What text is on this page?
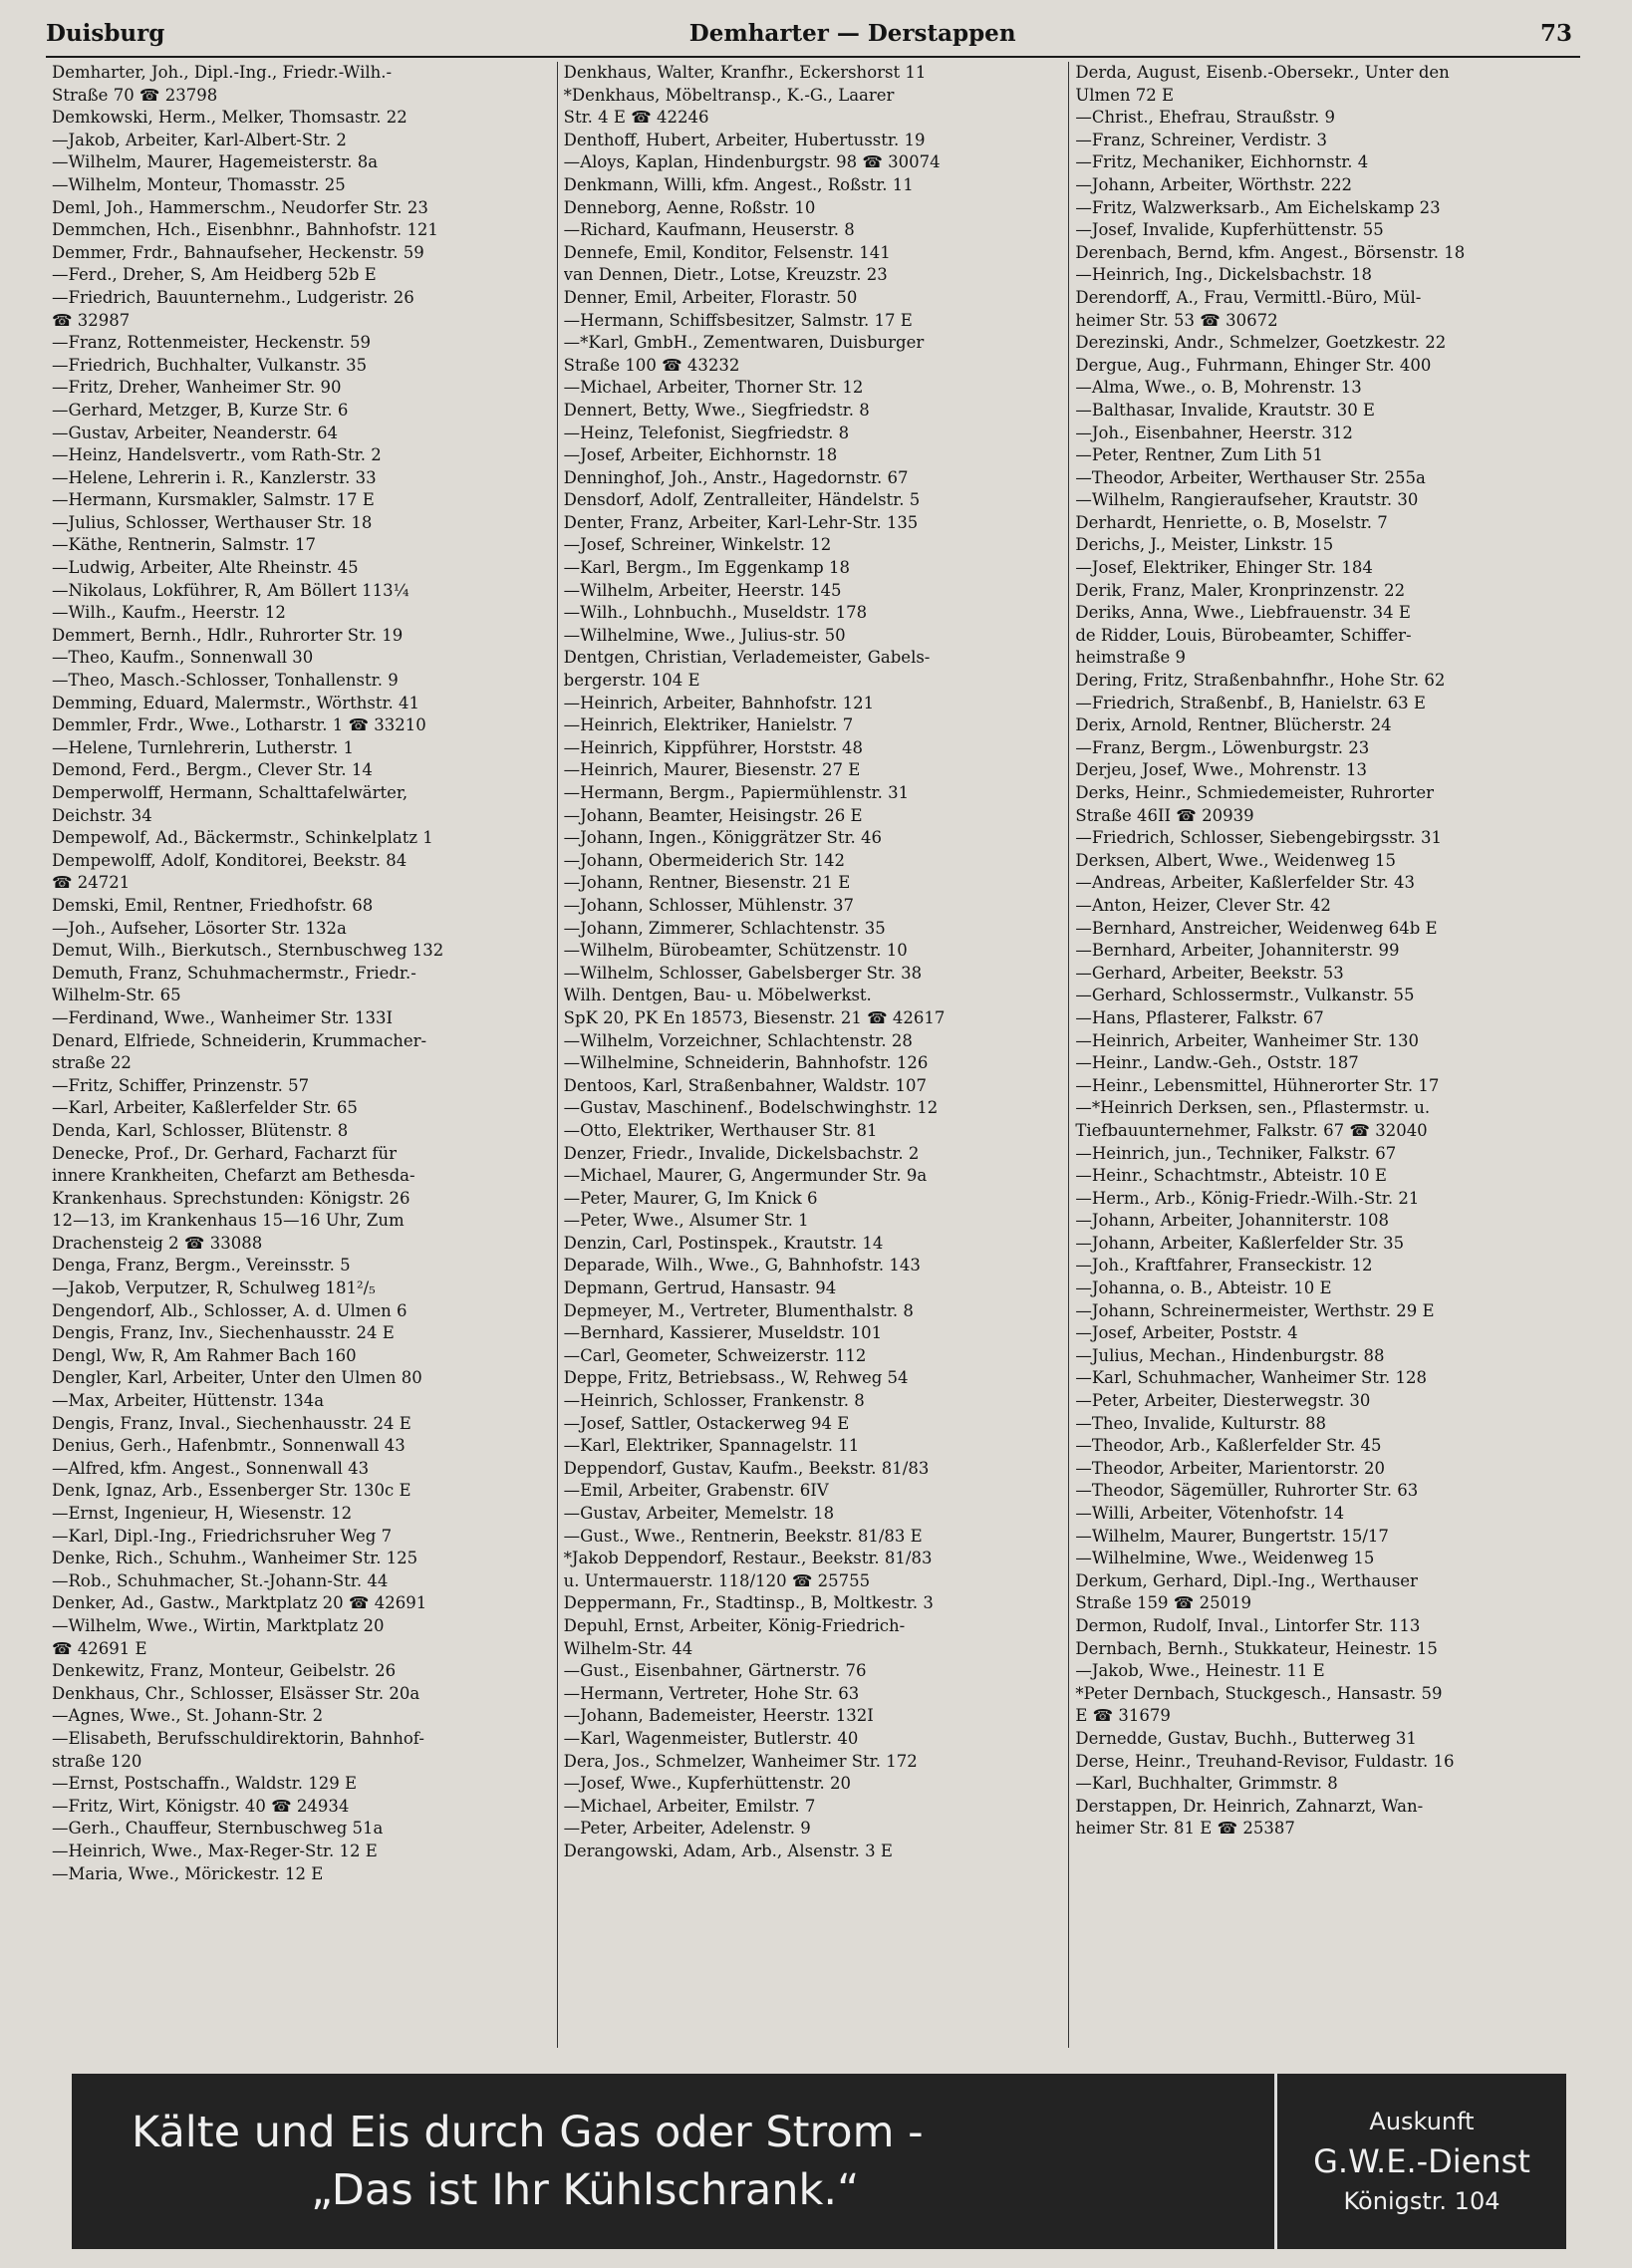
Duisburg	Demharter — Derstappen	73
Demharter, Joh., Dipl.-Ing., Friedr.-Wilh.-
Straße 70 ☎ 23798
Demkowski, Herm., Melker, Thomsastr. 22
—Jakob, Arbeiter, Karl-Albert-Str. 2
—Wilhelm, Maurer, Hagemeisterstr. 8a
—Wilhelm, Monteur, Thomasstr. 25
Deml, Joh., Hammerschm., Neudorfer Str. 23
Demmchen, Hch., Eisenbhnr., Bahnhofstr. 121
Demmer, Frdr., Bahnaufseher, Heckenstr. 59
—Ferd., Dreher, S, Am Heidberg 52b E
—Friedrich, Bauunternehm., Ludgeristr. 26
☎ 32987
—Franz, Rottenmeister, Heckenstr. 59
—Friedrich, Buchhalter, Vulkanstr. 35
—Fritz, Dreher, Wanheimer Str. 90
—Gerhard, Metzger, B, Kurze Str. 6
—Gustav, Arbeiter, Neanderstr. 64
—Heinz, Handelsvertr., vom Rath-Str. 2
—Helene, Lehrerin i. R., Kanzlerstr. 33
—Hermann, Kursmakler, Salmstr. 17 E
—Julius, Schlosser, Werthauser Str. 18
—Käthe, Rentnerin, Salmstr. 17
—Ludwig, Arbeiter, Alte Rheinstr. 45
—Nikolaus, Lokführer, R, Am Böllert 113¼
—Wilh., Kaufm., Heerstr. 12
Demmert, Bernh., Hdlr., Ruhrorter Str. 19
—Theo, Kaufm., Sonnenwall 30
—Theo, Masch.-Schlosser, Tonhallenstr. 9
Demming, Eduard, Malermstr., Wörthstr. 41
Demmler, Frdr., Wwe., Lotharstr. 1 ☎ 33210
—Helene, Turnlehrerin, Lutherstr. 1
Demond, Ferd., Bergm., Clever Str. 14
Demperwolff, Hermann, Schalttafelwärter,
Deichstr. 34
Dempewolf, Ad., Bäckermstr., Schinkelplatz 1
Dempewolff, Adolf, Konditorei, Beekstr. 84
☎ 24721
Demski, Emil, Rentner, Friedhofstr. 68
—Joh., Aufseher, Lösorter Str. 132a
Demut, Wilh., Bierkutsch., Sternbuschweg 132
Demuth, Franz, Schuhmachermstr., Friedr.-
Wilhelm-Str. 65
—Ferdinand, Wwe., Wanheimer Str. 133I
Denard, Elfriede, Schneiderin, Krummacher-
straße 22
—Fritz, Schiffer, Prinzenstr. 57
—Karl, Arbeiter, Kaßlerfelder Str. 65
Denda, Karl, Schlosser, Blütenstr. 8
Denecke, Prof., Dr. Gerhard, Facharzt für
innere Krankheiten, Chefarzt am Bethesda-
Krankenhaus. Sprechstunden: Königstr. 26
12—13, im Krankenhaus 15—16 Uhr, Zum
Drachensteig 2 ☎ 33088
Denga, Franz, Bergm., Vereinsstr. 5
—Jakob, Verputzer, R, Schulweg 181²/₅
Dengendorf, Alb., Schlosser, A. d. Ulmen 6
Dengis, Franz, Inv., Siechenhausstr. 24 E
Dengl, Ww, R, Am Rahmer Bach 160
Dengler, Karl, Arbeiter, Unter den Ulmen 80
—Max, Arbeiter, Hüttenstr. 134a
Dengis, Franz, Inval., Siechenhausstr. 24 E
Denius, Gerh., Hafenbmtr., Sonnenwall 43
—Alfred, kfm. Angest., Sonnenwall 43
Denk, Ignaz, Arb., Essenberger Str. 130c E
—Ernst, Ingenieur, H, Wiesenstr. 12
—Karl, Dipl.-Ing., Friedrichsruher Weg 7
Denke, Rich., Schuhm., Wanheimer Str. 125
—Rob., Schuhmacher, St.-Johann-Str. 44
Denker, Ad., Gastw., Marktplatz 20 ☎ 42691
—Wilhelm, Wwe., Wirtin, Marktplatz 20
☎ 42691 E
Denkewitz, Franz, Monteur, Geibelstr. 26
Denkhaus, Chr., Schlosser, Elsässer Str. 20a
—Agnes, Wwe., St. Johann-Str. 2
—Elisabeth, Berufsschuldirektorin, Bahnhof-
straße 120
—Ernst, Postschaffn., Waldstr. 129 E
—Fritz, Wirt, Königstr. 40 ☎ 24934
—Gerh., Chauffeur, Sternbuschweg 51a
—Heinrich, Wwe., Max-Reger-Str. 12 E
—Maria, Wwe., Mörickestr. 12 E
Denkhaus, Walter, Kranfhr., Eckershorst 11
*Denkhaus, Möbeltransp., K.-G., Laarer
Str. 4 E ☎ 42246
Denthoff, Hubert, Arbeiter, Hubertusstr. 19
—Aloys, Kaplan, Hindenburgstr. 98 ☎ 30074
Denkmann, Willi, kfm. Angest., Roßstr. 11
Denneborg, Aenne, Roßstr. 10
—Richard, Kaufmann, Heuserstr. 8
Dennefe, Emil, Konditor, Felsenstr. 141
van Dennen, Dietr., Lotse, Kreuzstr. 23
Denner, Emil, Arbeiter, Florastr. 50
—Hermann, Schiffsbesitzer, Salmstr. 17 E
—*Karl, GmbH., Zementwaren, Duisburger
Straße 100 ☎ 43232
—Michael, Arbeiter, Thorner Str. 12
Dennert, Betty, Wwe., Siegfriedstr. 8
—Heinz, Telefonist, Siegfriedstr. 8
—Josef, Arbeiter, Eichhornstr. 18
Denninghof, Joh., Anstr., Hagedornstr. 67
Densdorf, Adolf, Zentralleiter, Händelstr. 5
Denter, Franz, Arbeiter, Karl-Lehr-Str. 135
—Josef, Schreiner, Winkelstr. 12
—Karl, Bergm., Im Eggenkamp 18
—Wilhelm, Arbeiter, Heerstr. 145
—Wilh., Lohnbuchh., Museldstr. 178
—Wilhelmine, Wwe., Julius-str. 50
Dentgen, Christian, Verlademeister, Gabels-
bergerstr. 104 E
—Heinrich, Arbeiter, Bahnhofstr. 121
—Heinrich, Elektriker, Hanielstr. 7
—Heinrich, Kippführer, Horststr. 48
—Heinrich, Maurer, Biesenstr. 27 E
—Hermann, Bergm., Papiermühlenstr. 31
—Johann, Beamter, Heisingstr. 26 E
—Johann, Ingen., Königgrätzer Str. 46
—Johann, Obermeiderich Str. 142
—Johann, Rentner, Biesenstr. 21 E
—Johann, Schlosser, Mühlenstr. 37
—Johann, Zimmerer, Schlachtenstr. 35
—Wilhelm, Bürobeamter, Schützenstr. 10
—Wilhelm, Schlosser, Gabelsberger Str. 38
Wilh. Dentgen, Bau- u. Möbelwerkst.
SpK 20, PK En 18573, Biesenstr. 21 ☎ 42617
—Wilhelm, Vorzeichner, Schlachtenstr. 28
—Wilhelmine, Schneiderin, Bahnhofstr. 126
Dentoos, Karl, Straßenbahner, Waldstr. 107
—Gustav, Maschinenf., Bodelschwinghstr. 12
—Otto, Elektriker, Werthauser Str. 81
Denzer, Friedr., Invalide, Dickelsbachstr. 2
—Michael, Maurer, G, Angermunder Str. 9a
—Peter, Maurer, G, Im Knick 6
—Peter, Wwe., Alsumer Str. 1
Denzin, Carl, Postinspek., Krautstr. 14
Deparade, Wilh., Wwe., G, Bahnhofstr. 143
Depmann, Gertrud, Hansastr. 94
Depmeyer, M., Vertreter, Blumenthalstr. 8
—Bernhard, Kassierer, Museldstr. 101
—Carl, Geometer, Schweizerstr. 112
Deppe, Fritz, Betriebsass., W, Rehweg 54
—Heinrich, Schlosser, Frankenstr. 8
—Josef, Sattler, Ostackerweg 94 E
—Karl, Elektriker, Spannagelstr. 11
Deppendorf, Gustav, Kaufm., Beekstr. 81/83
—Emil, Arbeiter, Grabenstr. 6IV
—Gustav, Arbeiter, Memelstr. 18
—Gust., Wwe., Rentnerin, Beekstr. 81/83 E
*Jakob Deppendorf, Restaur., Beekstr. 81/83
u. Untermauerstr. 118/120 ☎ 25755
Deppermann, Fr., Stadtinsp., B, Moltkestr. 3
Depuhl, Ernst, Arbeiter, König-Friedrich-
Wilhelm-Str. 44
—Gust., Eisenbahner, Gärtnerstr. 76
—Hermann, Vertreter, Hohe Str. 63
—Johann, Bademeister, Heerstr. 132I
—Karl, Wagenmeister, Butlerstr. 40
Dera, Jos., Schmelzer, Wanheimer Str. 172
—Josef, Wwe., Kupferhüttenstr. 20
—Michael, Arbeiter, Emilstr. 7
—Peter, Arbeiter, Adelenstr. 9
Derangowski, Adam, Arb., Alsenstr. 3 E
Derda, August, Eisenb.-Obersekr., Unter den
Ulmen 72 E
—Christ., Ehefrau, Straußstr. 9
—Franz, Schreiner, Verdistr. 3
—Fritz, Mechaniker, Eichhornstr. 4
—Johann, Arbeiter, Wörthstr. 222
—Fritz, Walzwerksarb., Am Eichelskamp 23
—Josef, Invalide, Kupferhüttenstr. 55
Derenbach, Bernd, kfm. Angest., Börsenstr. 18
—Heinrich, Ing., Dickelsbachstr. 18
Derendorff, A., Frau, Vermittl.-Büro, Mül-
heimer Str. 53 ☎ 30672
Derezinski, Andr., Schmelzer, Goetzkestr. 22
Dergue, Aug., Fuhrmann, Ehinger Str. 400
—Alma, Wwe., o. B, Mohrenstr. 13
—Balthasar, Invalide, Krautstr. 30 E
—Joh., Eisenbahner, Heerstr. 312
—Peter, Rentner, Zum Lith 51
—Theodor, Arbeiter, Werthauser Str. 255a
—Wilhelm, Rangieraufseher, Krautstr. 30
Derhardt, Henriette, o. B, Moselstr. 7
Derichs, J., Meister, Linkstr. 15
—Josef, Elektriker, Ehinger Str. 184
Derik, Franz, Maler, Kronprinzenstr. 22
Deriks, Anna, Wwe., Liebfrauenstr. 34 E
de Ridder, Louis, Bürobeamter, Schiffer-
heimstraße 9
Dering, Fritz, Straßenbahnfhr., Hohe Str. 62
—Friedrich, Straßenbf., B, Hanielstr. 63 E
Derix, Arnold, Rentner, Blücherstr. 24
—Franz, Bergm., Löwenburgstr. 23
Derjeu, Josef, Wwe., Mohrenstr. 13
Derks, Heinr., Schmiedemeister, Ruhrorter
Straße 46II ☎ 20939
—Friedrich, Schlosser, Siebengebirgsstr. 31
Derksen, Albert, Wwe., Weidenweg 15
—Andreas, Arbeiter, Kaßlerfelder Str. 43
—Anton, Heizer, Clever Str. 42
—Bernhard, Anstreicher, Weidenweg 64b E
—Bernhard, Arbeiter, Johanniterstr. 99
—Gerhard, Arbeiter, Beekstr. 53
—Gerhard, Schlossermstr., Vulkanstr. 55
—Hans, Pflasterer, Falkstr. 67
—Heinrich, Arbeiter, Wanheimer Str. 130
—Heinr., Landw.-Geh., Oststr. 187
—Heinr., Lebensmittel, Hühnerorter Str. 17
—*Heinrich Derksen, sen., Pflastermstr. u.
Tiefbauunternehmer, Falkstr. 67 ☎ 32040
—Heinrich, jun., Techniker, Falkstr. 67
—Heinr., Schachtmstr., Abteistr. 10 E
—Herm., Arb., König-Friedr.-Wilh.-Str. 21
—Johann, Arbeiter, Johanniterstr. 108
—Johann, Arbeiter, Kaßlerfelder Str. 35
—Joh., Kraftfahrer, Franseckistr. 12
—Johanna, o. B., Abteistr. 10 E
—Johann, Schreinermeister, Werthstr. 29 E
—Josef, Arbeiter, Poststr. 4
—Julius, Mechan., Hindenburgstr. 88
—Karl, Schuhmacher, Wanheimer Str. 128
—Peter, Arbeiter, Diesterwegstr. 30
—Theo, Invalide, Kulturstr. 88
—Theodor, Arb., Kaßlerfelder Str. 45
—Theodor, Arbeiter, Marientorstr. 20
—Theodor, Sägemüller, Ruhrorter Str. 63
—Willi, Arbeiter, Vötenhofstr. 14
—Wilhelm, Maurer, Bungertstr. 15/17
—Wilhelmine, Wwe., Weidenweg 15
Derkum, Gerhard, Dipl.-Ing., Werthauser
Straße 159 ☎ 25019
Dermon, Rudolf, Inval., Lintorfer Str. 113
Dernbach, Bernh., Stukkateur, Heinestr. 15
—Jakob, Wwe., Heinestr. 11 E
*Peter Dernbach, Stuckgesch., Hansastr. 59
E ☎ 31679
Dernedde, Gustav, Buchh., Butterweg 31
Derse, Heinr., Treuhand-Revisor, Fuldastr. 16
—Karl, Buchhalter, Grimmstr. 8
Derstappen, Dr. Heinrich, Zahnarzt, Wan-
heimer Str. 81 E ☎ 25387
Kälte und Eis durch Gas oder Strom -
„Das ist Ihr Kühlschrank.“
Auskunft
G.W.E.-Dienst
Königstr. 104
